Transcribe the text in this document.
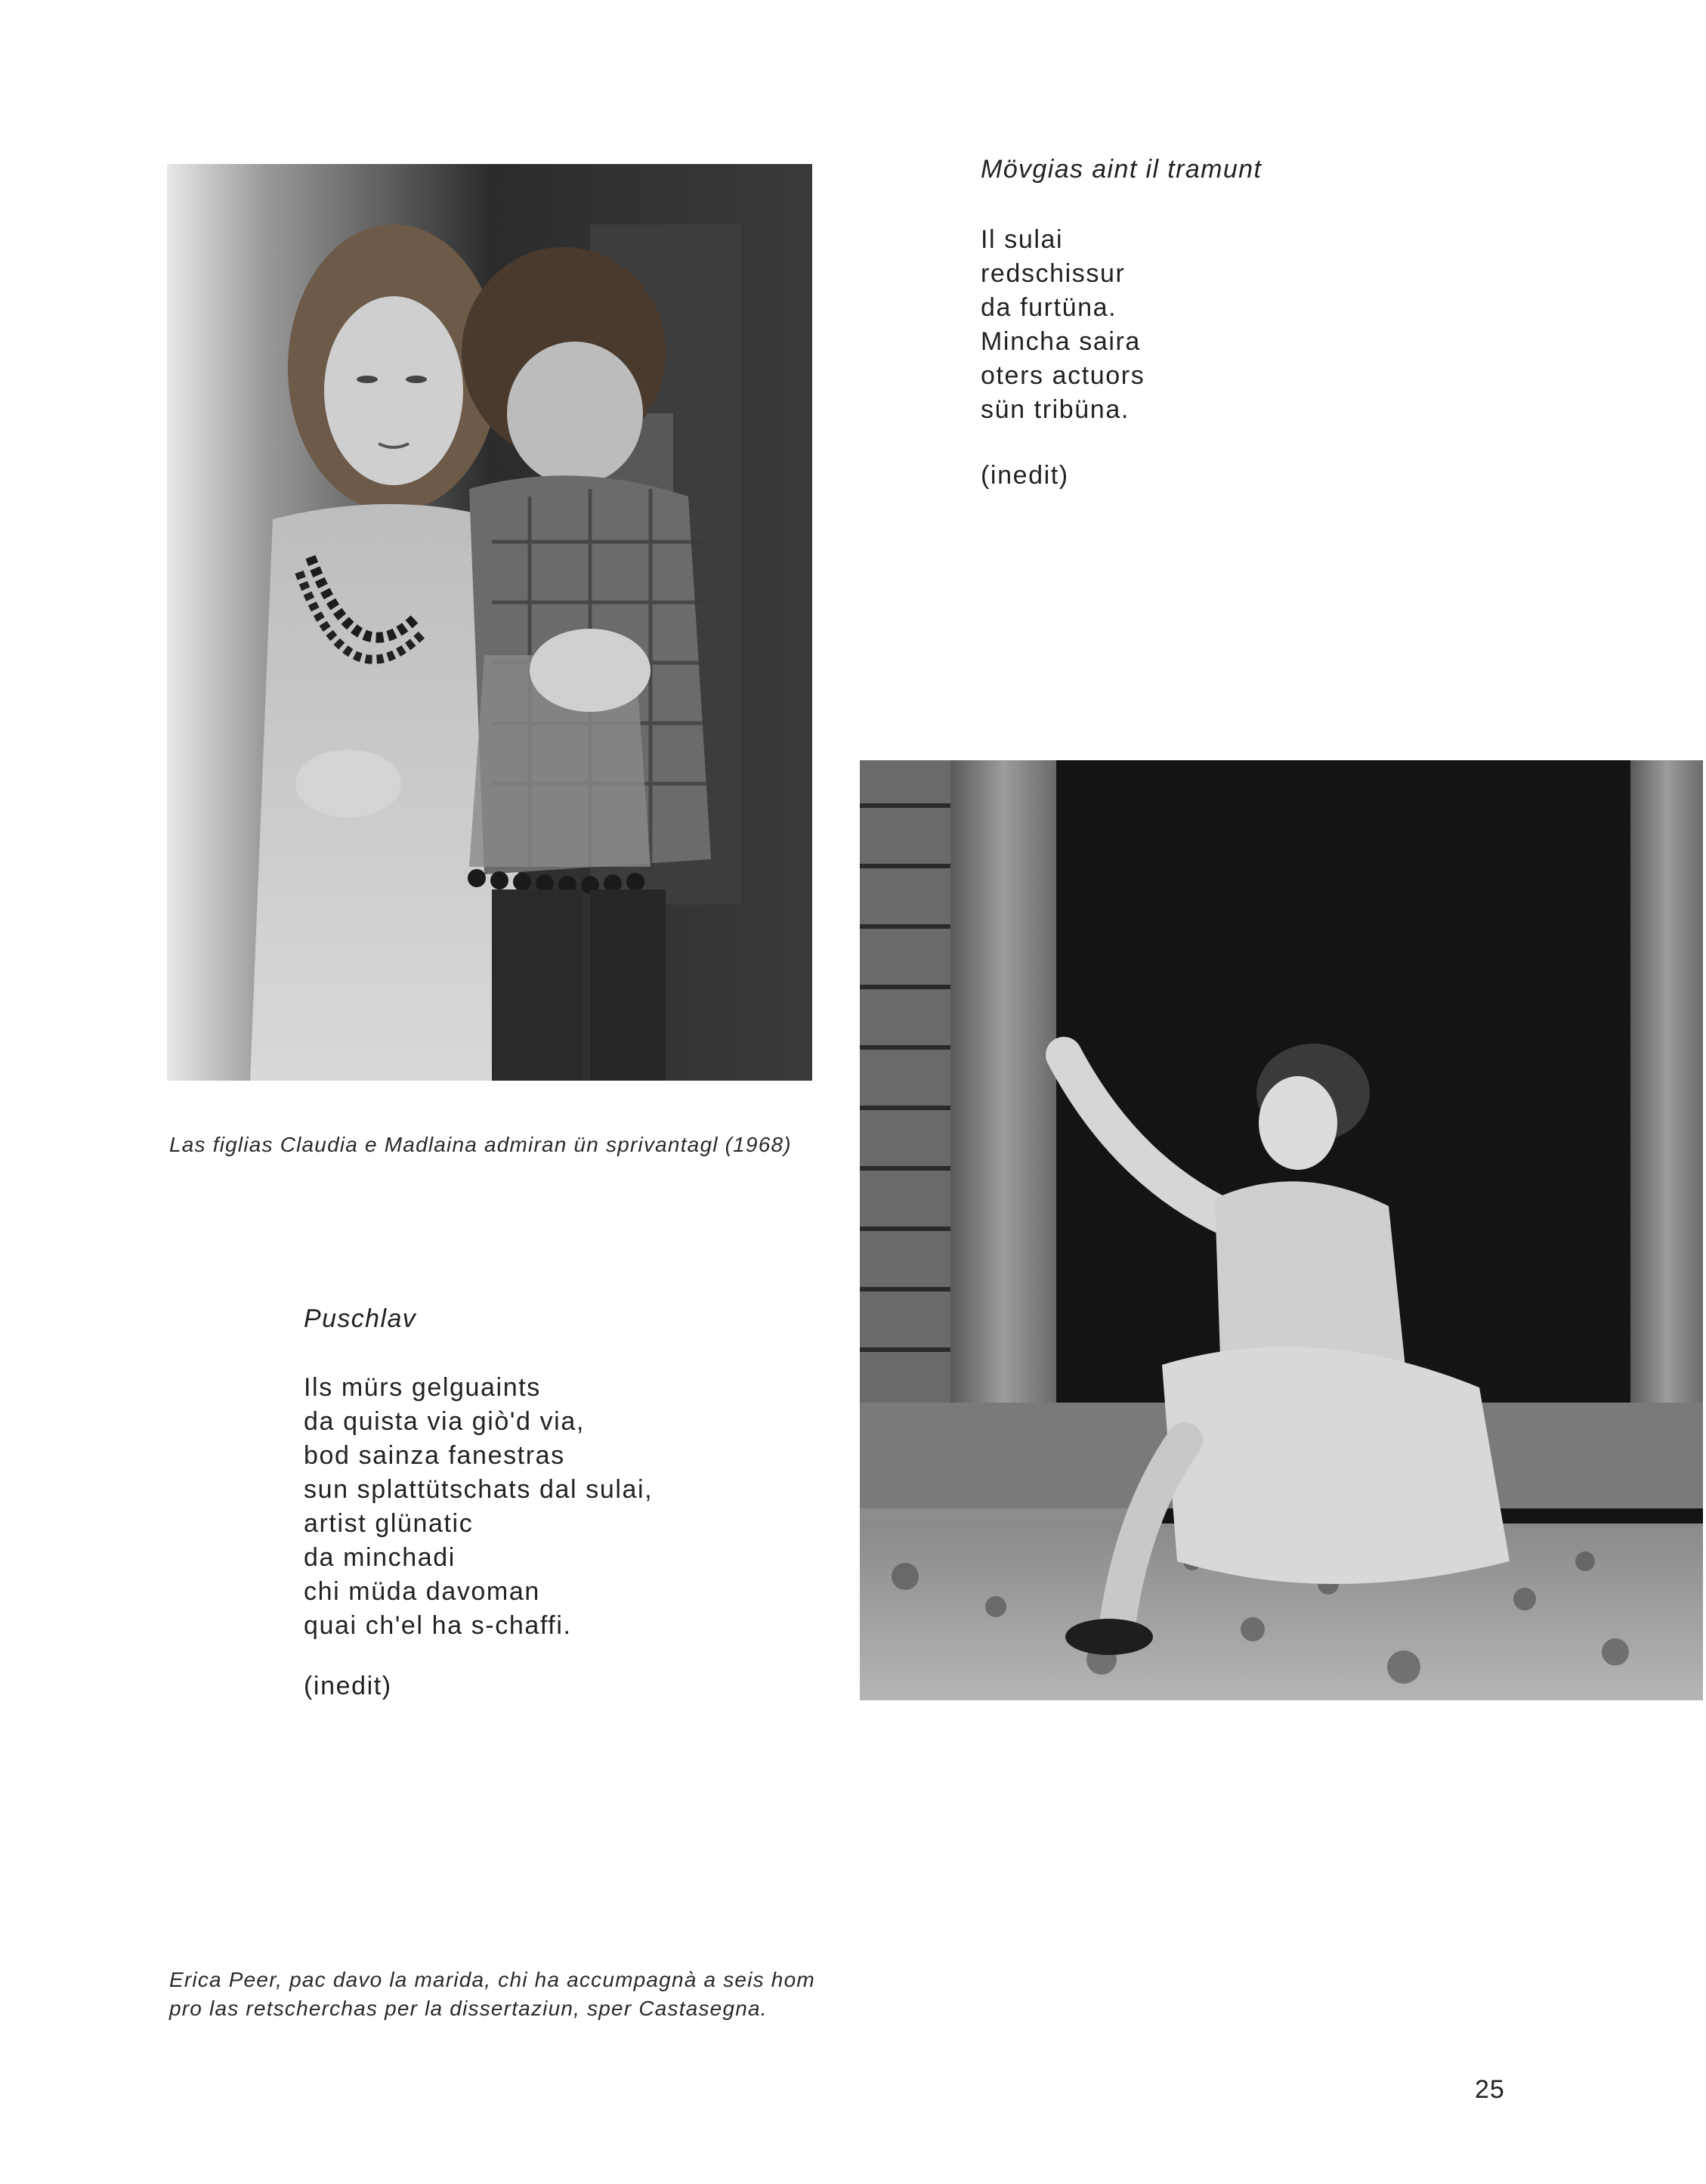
Las figlias Claudia e Madlaina admiran ün sprivantagl (1968)

Mövgias aint il tramunt
Il sulai
redschissur
da furtüna.
Mincha saira
oters actuors
sün tribüna.
(inedit)
Puschlav
Ils mürs gelguaints
da quista via giò'd via,
bod sainza fanestras
sun splattütschats dal sulai,
artist glünatic
da minchadi
chi müda davoman
quai ch'el ha s-chaffi.
(inedit)

Erica Peer, pac davo la marida, chi ha accumpagnà a seis hom pro las retscherchas per la dissertaziun, sper Castasegna.

25
